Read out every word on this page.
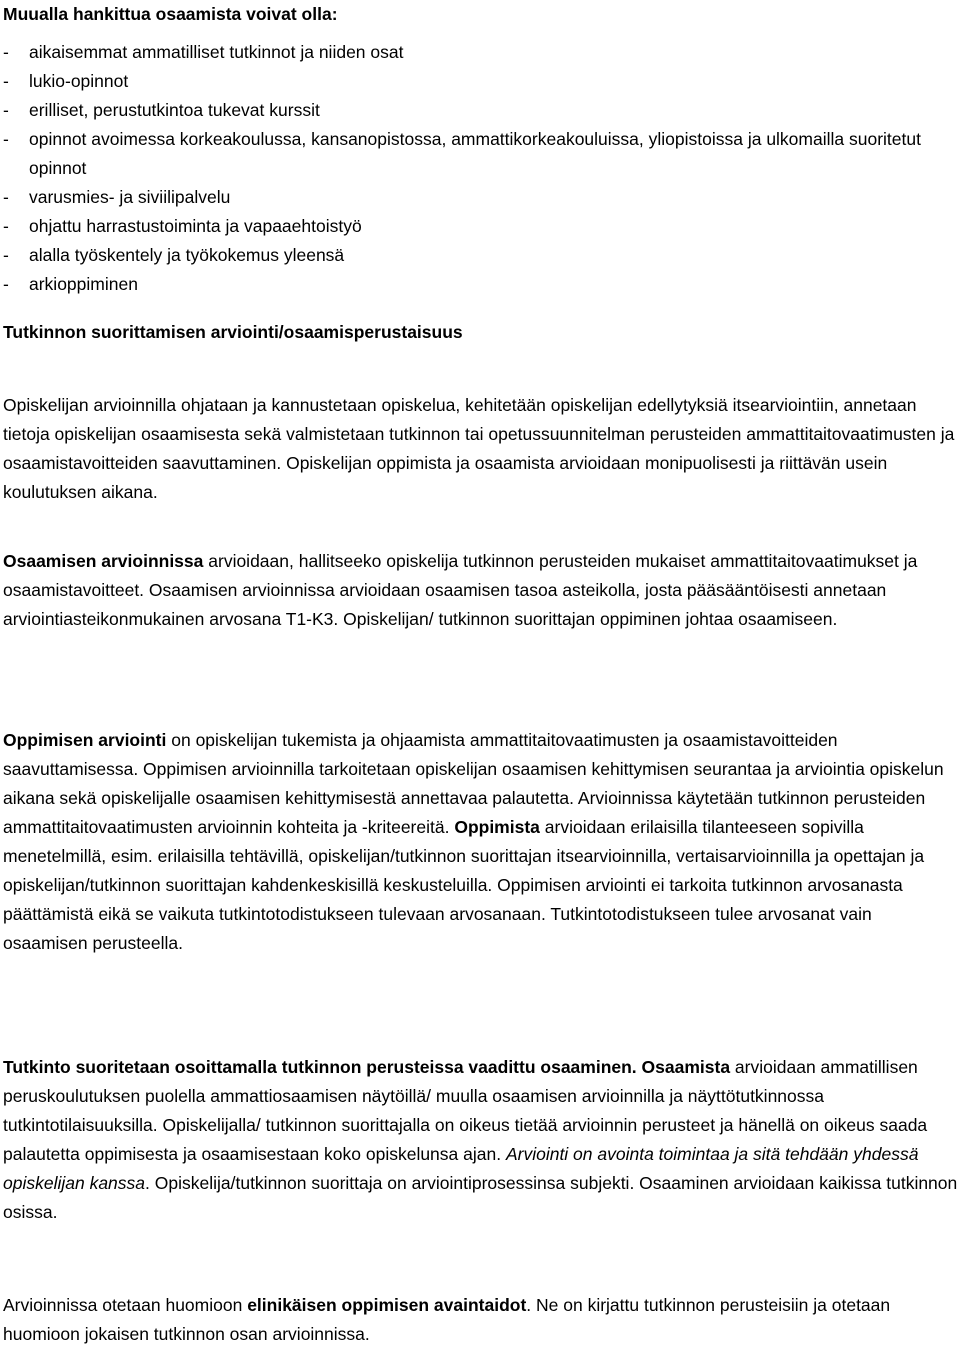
Muualla hankittua osaamista voivat olla:

- aikaisemmat ammatilliset tutkinnot ja niiden osat
- lukio-opinnot
- erilliset, perustutkintoa tukevat kurssit
- opinnot avoimessa korkeakoulussa, kansanopistossa, ammattikorkeakouluissa, yliopistoissa ja ulkomailla suoritetut opinnot
- varusmies- ja siviilipalvelu
- ohjattu harrastustoiminta ja vapaaehtoistyö
- alalla työskentely ja työkokemus yleensä
- arkioppiminen

Tutkinnon suorittamisen arviointi/osaamisperustaisuus

Opiskelijan arvioinnilla ohjataan ja kannustetaan opiskelua, kehitetään opiskelijan edellytyksiä itsearviointiin, annetaan tietoja opiskelijan osaamisesta sekä valmistetaan tutkinnon tai opetussuunnitelman perusteiden ammattitaitovaatimusten ja osaamistavoitteiden saavuttaminen. Opiskelijan oppimista ja osaamista arvioidaan monipuolisesti ja riittävän usein koulutuksen aikana.

Osaamisen arvioinnissa arvioidaan, hallitseeko opiskelija tutkinnon perusteiden mukaiset ammattitaitovaatimukset ja osaamistavoitteet. Osaamisen arvioinnissa arvioidaan osaamisen tasoa asteikolla, josta pääsääntöisesti annetaan arviointiasteikonmukainen arvosana T1-K3. Opiskelijan/ tutkinnon suorittajan oppiminen johtaa osaamiseen.

Oppimisen arviointi on opiskelijan tukemista ja ohjaamista ammattitaitovaatimusten ja osaamistavoitteiden saavuttamisessa. Oppimisen arvioinnilla tarkoitetaan opiskelijan osaamisen kehittymisen seurantaa ja arviointia opiskelun aikana sekä opiskelijalle osaamisen kehittymisestä annettavaa palautetta. Arvioinnissa käytetään tutkinnon perusteiden ammattitaitovaatimusten arvioinnin kohteita ja -kriteereitä. Oppimista arvioidaan erilaisilla tilanteeseen sopivilla menetelmillä, esim. erilaisilla tehtävillä, opiskelijan/tutkinnon suorittajan itsearvioinnilla, vertaisarvioinnilla ja opettajan ja opiskelijan/tutkinnon suorittajan kahdenkeskisillä keskusteluilla. Oppimisen arviointi ei tarkoita tutkinnon arvosanasta päättämistä eikä se vaikuta tutkintotodistukseen tulevaan arvosanaan. Tutkintotodistukseen tulee arvosanat vain osaamisen perusteella.

Tutkinto suoritetaan osoittamalla tutkinnon perusteissa vaadittu osaaminen. Osaamista arvioidaan ammatillisen peruskoulutuksen puolella ammattiosaamisen näytöillä/ muulla osaamisen arvioinnilla ja näyttötutkinnossa tutkintotilaisuuksilla. Opiskelijalla/ tutkinnon suorittajalla on oikeus tietää arvioinnin perusteet ja hänellä on oikeus saada palautetta oppimisesta ja osaamisestaan koko opiskelunsa ajan. Arviointi on avointa toimintaa ja sitä tehdään yhdessä opiskelijan kanssa. Opiskelija/tutkinnon suorittaja on arviointiprosessinsa subjekti. Osaaminen arvioidaan kaikissa tutkinnon osissa.

Arvioinnissa otetaan huomioon elinikäisen oppimisen avaintaidot. Ne on kirjattu tutkinnon perusteisiin ja otetaan huomioon jokaisen tutkinnon osan arvioinnissa.
